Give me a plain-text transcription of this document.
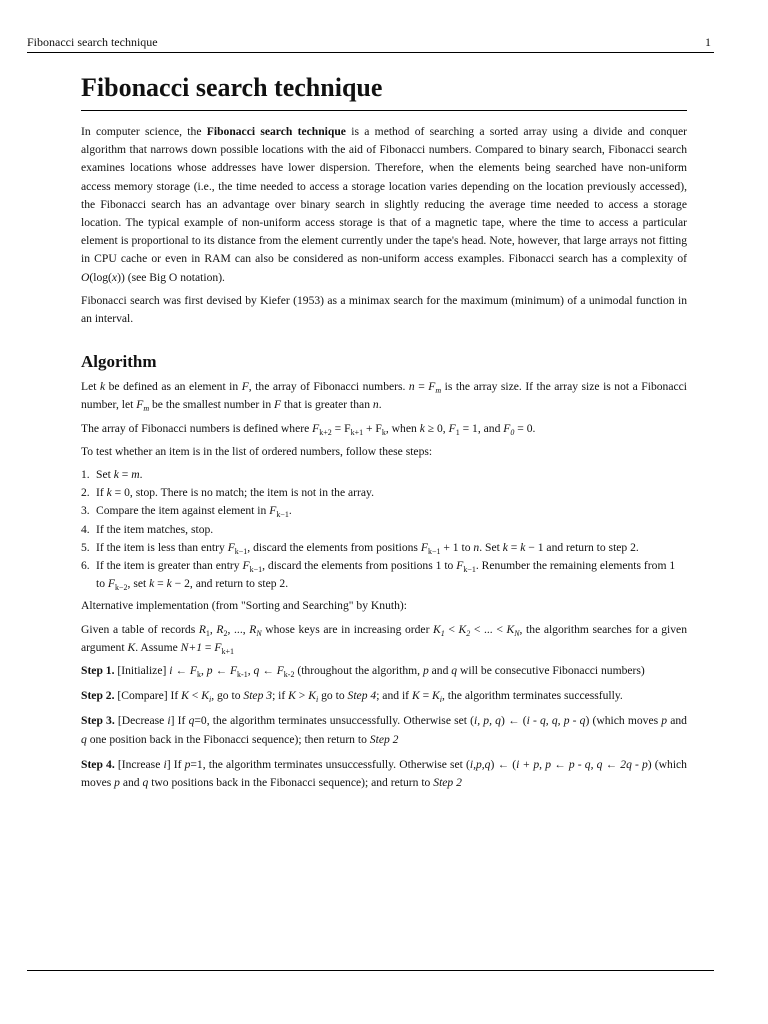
Fibonacci search technique	1
Fibonacci search technique

In computer science, the Fibonacci search technique is a method of searching a sorted array using a divide and conquer algorithm that narrows down possible locations with the aid of Fibonacci numbers. Compared to binary search, Fibonacci search examines locations whose addresses have lower dispersion. Therefore, when the elements being searched have non-uniform access memory storage (i.e., the time needed to access a storage location varies depending on the location previously accessed), the Fibonacci search has an advantage over binary search in slightly reducing the average time needed to access a storage location. The typical example of non-uniform access storage is that of a magnetic tape, where the time to access a particular element is proportional to its distance from the element currently under the tape's head. Note, however, that large arrays not fitting in CPU cache or even in RAM can also be considered as non-uniform access examples. Fibonacci search has a complexity of O(log(x)) (see Big O notation).

Fibonacci search was first devised by Kiefer (1953) as a minimax search for the maximum (minimum) of a unimodal function in an interval.

Algorithm

Let k be defined as an element in F, the array of Fibonacci numbers. $n = F_m$ is the array size. If the array size is not a Fibonacci number, let $F_m$ be the smallest number in F that is greater than n.

The array of Fibonacci numbers is defined where $F_{k+2} = F_{k+1} + F_k$, when k ≥ 0, $F_1 = 1$, and $F_0 = 0$.

To test whether an item is in the list of ordered numbers, follow these steps:

1. Set k = m.
2. If k = 0, stop. There is no match; the item is not in the array.
3. Compare the item against element in $F_{k-1}$.
4. If the item matches, stop.
5. If the item is less than entry $F_{k-1}$, discard the elements from positions $F_{k-1} + 1$ to n. Set k = k − 1 and return to step 2.
6. If the item is greater than entry $F_{k-1}$, discard the elements from positions 1 to $F_{k-1}$. Renumber the remaining elements from 1 to $F_{k-2}$, set k = k − 2, and return to step 2.

Alternative implementation (from "Sorting and Searching" by Knuth):

Given a table of records $R_1$, $R_2$, ..., $R_N$ whose keys are in increasing order $K_1 < K_2$ < ... < $K_N$, the algorithm searches for a given argument K. Assume $N+1 = F_{k+1}$

Step 1. [Initialize] i ← $F_k$, p ← $F_{k-1}$, q ← $F_{k-2}$ (throughout the algorithm, p and q will be consecutive Fibonacci numbers)

Step 2. [Compare] If $K < K_i$, go to Step 3; if $K > K_i$ go to Step 4; and if $K = K_i$, the algorithm terminates successfully.

Step 3. [Decrease i] If q=0, the algorithm terminates unsuccessfully. Otherwise set (i, p, q) ← (i - q, q, p - q) (which moves p and q one position back in the Fibonacci sequence); then return to Step 2

Step 4. [Increase i] If p=1, the algorithm terminates unsuccessfully. Otherwise set (i,p,q) ← (i + p, p ← p - q, q ← 2q - p) (which moves p and q two positions back in the Fibonacci sequence); and return to Step 2
